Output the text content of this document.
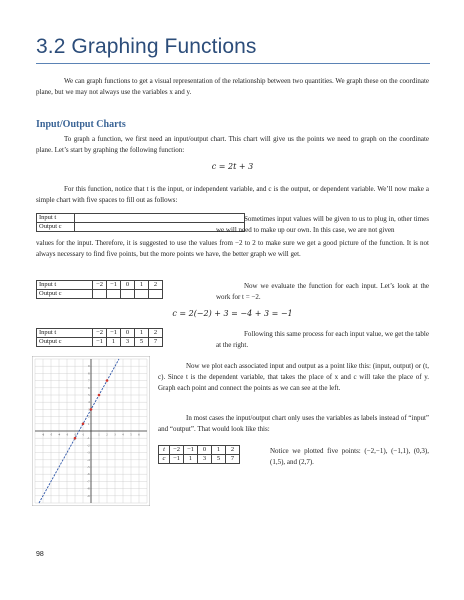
3.2 Graphing Functions

We can graph functions to get a visual representation of the relationship between two quantities. We graph these on the coordinate plane, but we may not always use the variables x and y.

Input/Output Charts

To graph a function, we first need an input/output chart. This chart will give us the points we need to graph on the coordinate plane. Let’s start by graphing the following function:

c = 2t + 3

For this function, notice that t is the input, or independent variable, and c is the output, or dependent variable. We’ll now make a simple chart with five spaces to fill out as follows:

Input t	
Output c	

Sometimes input values will be given to us to plug in, other times we will need to make up our own. In this case, we are not given

values for the input. Therefore, it is suggested to use the values from −2 to 2 to make sure we get a good picture of the function. It is not always necessary to find five points, but the more points we have, the better graph we will get.

Input t	−2	−1	0	1	2
Output c					

Now we evaluate the function for each input. Let’s look at the work for t = −2.

c = 2(−2) + 3 = −4 + 3 = −1
Input t	−2	−1	0	1	2
Output c	−1	1	3	5	7

Following this same process for each input value, we get the table at the right.

-6 -5 -4 -3 -2 -1	1 2 3 4 5 6
-9
-8
-7
-6
-5
-4
-3
-2
-1
1
2
3
4
5
6
7
8
9	Now we plot each associated input and output as a point like this: (input, output) or (t, c). Since t is the dependent variable, that takes the place of x and c will take the place of y. Graph each point and connect the points as we can see at the left.

In most cases the input/output chart only uses the variables as labels instead of “input” and “output”. That would look like this:

t	−2	−1	0	1	2
c	−1	1	3	5	7

Notice we plotted five points: (−2,−1), (−1,1), (0,3), (1,5), and (2,7).

98
